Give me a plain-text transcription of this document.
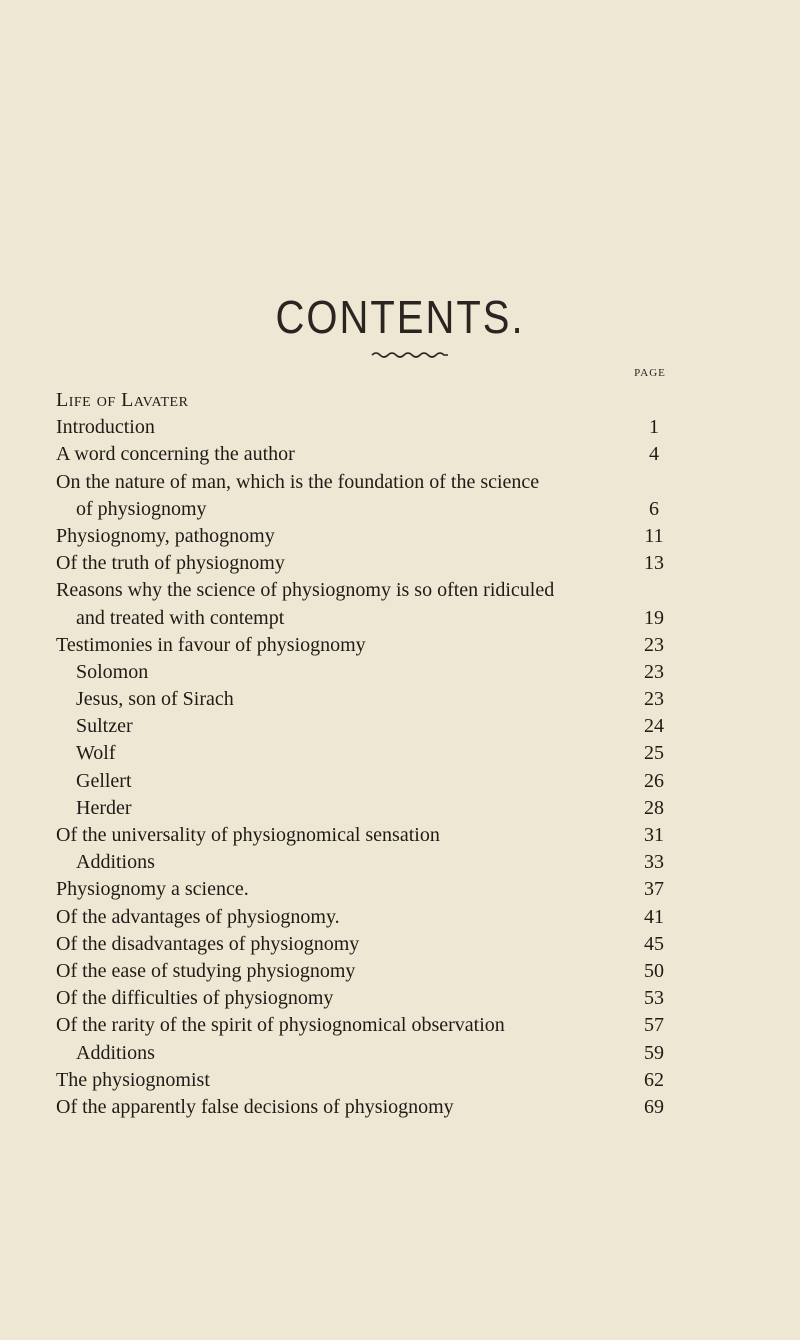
CONTENTS.
PAGE
Life of Lavater
Introduction	1
A word concerning the author	4
On the nature of man, which is the foundation of the science
of physiognomy	6
Physiognomy, pathognomy	11
Of the truth of physiognomy	13
Reasons why the science of physiognomy is so often ridiculed
and treated with contempt	19
Testimonies in favour of physiognomy	23
Solomon	23
Jesus, son of Sirach	23
Sultzer	24
Wolf	25
Gellert	26
Herder	28
Of the universality of physiognomical sensation	31
Additions	33
Physiognomy a science.	37
Of the advantages of physiognomy.	41
Of the disadvantages of physiognomy	45
Of the ease of studying physiognomy	50
Of the difficulties of physiognomy	53
Of the rarity of the spirit of physiognomical observation	57
Additions	59
The physiognomist	62
Of the apparently false decisions of physiognomy	69
